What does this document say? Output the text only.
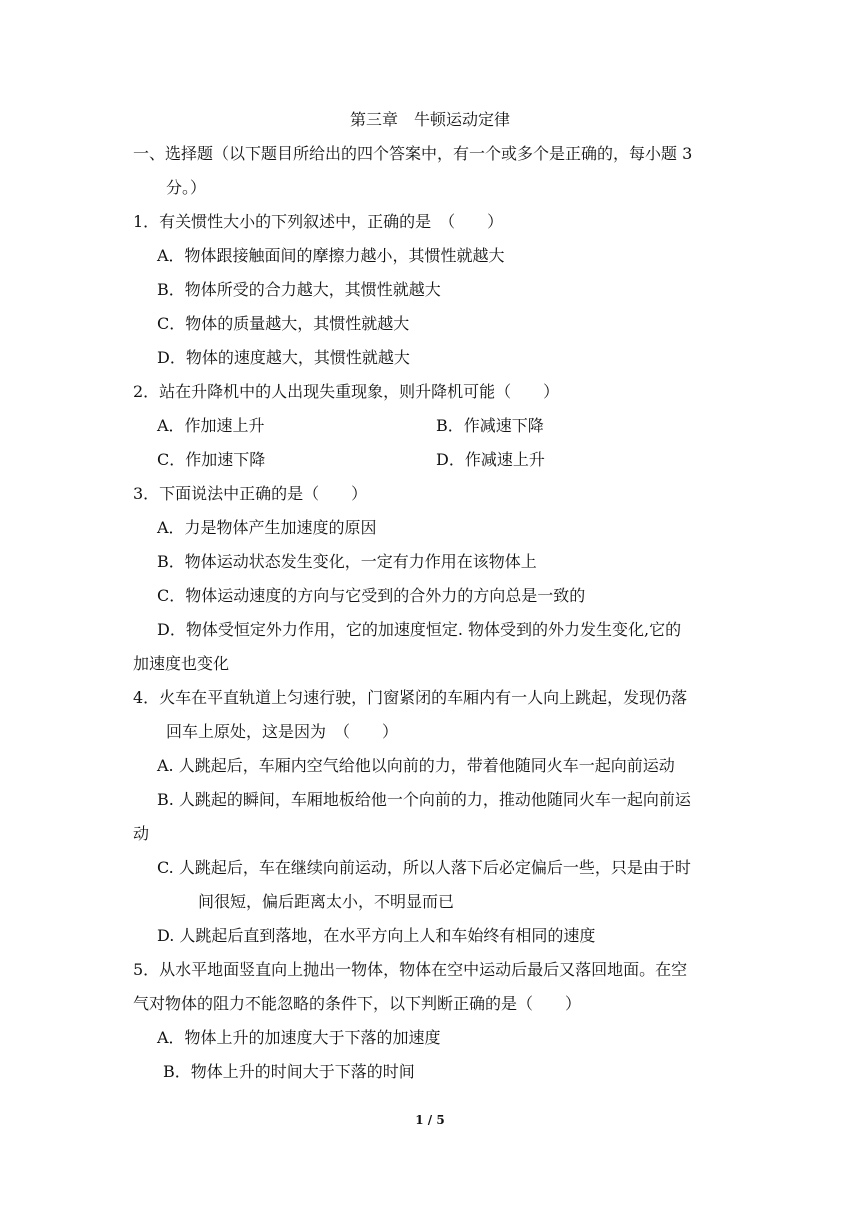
第三章　牛顿运动定律
一、选择题（以下题目所给出的四个答案中，有一个或多个是正确的，每小题 3
分。）
1．有关惯性大小的下列叙述中，正确的是　（　　）
A．物体跟接触面间的摩擦力越小，其惯性就越大
B．物体所受的合力越大，其惯性就越大
C．物体的质量越大，其惯性就越大
D．物体的速度越大，其惯性就越大
2．站在升降机中的人出现失重现象，则升降机可能（　　）
A．作加速上升	B．作减速下降
C．作加速下降	D．作减速上升
3．下面说法中正确的是（　　）
A．力是物体产生加速度的原因
B．物体运动状态发生变化，一定有力作用在该物体上
C．物体运动速度的方向与它受到的合外力的方向总是一致的
D．物体受恒定外力作用，它的加速度恒定. 物体受到的外力发生变化,它的
加速度也变化
4．火车在平直轨道上匀速行驶，门窗紧闭的车厢内有一人向上跳起，发现仍落
回车上原处，这是因为　（　　）
A. 人跳起后，车厢内空气给他以向前的力，带着他随同火车一起向前运动
B. 人跳起的瞬间，车厢地板给他一个向前的力，推动他随同火车一起向前运
动
C. 人跳起后，车在继续向前运动，所以人落下后必定偏后一些，只是由于时
间很短，偏后距离太小，不明显而已
D. 人跳起后直到落地，在水平方向上人和车始终有相同的速度
5．从水平地面竖直向上抛出一物体，物体在空中运动后最后又落回地面。在空
气对物体的阻力不能忽略的条件下，以下判断正确的是（　　）
A．物体上升的加速度大于下落的加速度
B．物体上升的时间大于下落的时间
1 / 5
